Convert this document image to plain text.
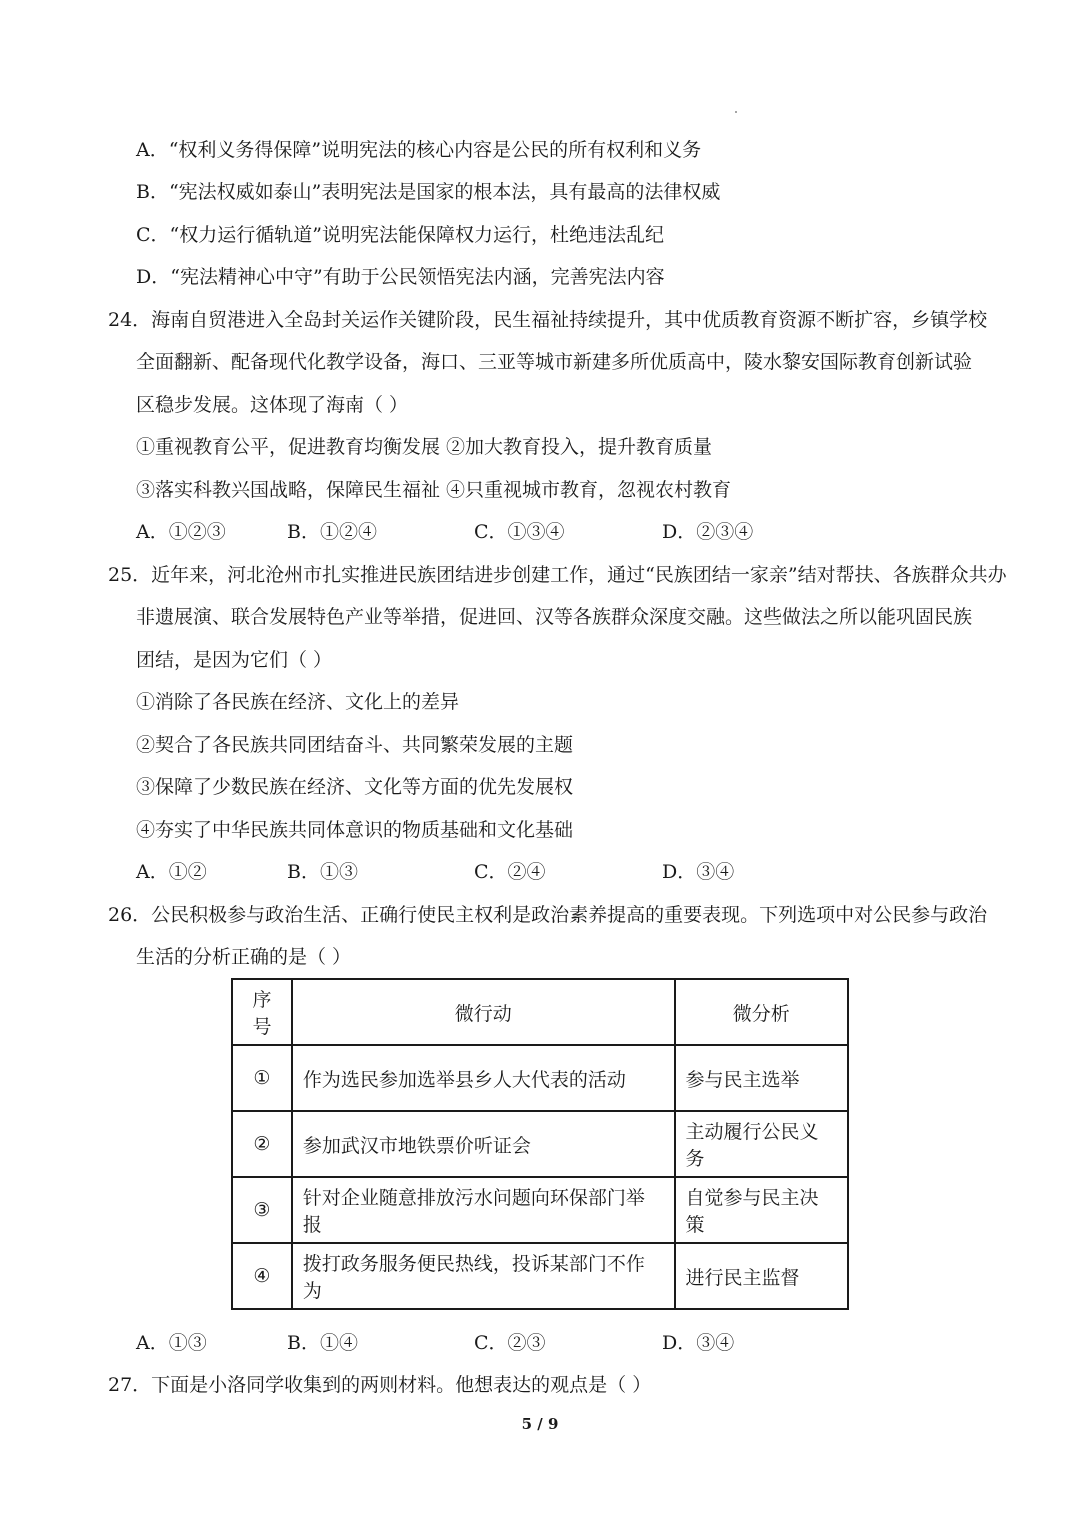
A．“权利义务得保障”说明宪法的核心内容是公民的所有权利和义务
B．“宪法权威如泰山”表明宪法是国家的根本法，具有最高的法律权威
C．“权力运行循轨道”说明宪法能保障权力运行，杜绝违法乱纪
D．“宪法精神心中守”有助于公民领悟宪法内涵，完善宪法内容
24．海南自贸港进入全岛封关运作关键阶段，民生福祉持续提升，其中优质教育资源不断扩容，乡镇学校
全面翻新、配备现代化教学设备，海口、三亚等城市新建多所优质高中，陵水黎安国际教育创新试验
区稳步发展。这体现了海南（ ）
①重视教育公平，促进教育均衡发展 ②加大教育投入，提升教育质量
③落实科教兴国战略，保障民生福祉 ④只重视城市教育，忽视农村教育
A．①②③	B．①②④	C．①③④	D．②③④
25．近年来，河北沧州市扎实推进民族团结进步创建工作，通过“民族团结一家亲”结对帮扶、各族群众共办
非遗展演、联合发展特色产业等举措，促进回、汉等各族群众深度交融。这些做法之所以能巩固民族
团结，是因为它们（ ）
①消除了各民族在经济、文化上的差异
②契合了各民族共同团结奋斗、共同繁荣发展的主题
③保障了少数民族在经济、文化等方面的优先发展权
④夯实了中华民族共同体意识的物质基础和文化基础
A．①②	B．①③	C．②④	D．③④
26．公民积极参与政治生活、正确行使民主权利是政治素养提高的重要表现。下列选项中对公民参与政治
生活的分析正确的是（ ）
序号	微行动	微分析
①	作为选民参加选举县乡人大代表的活动	参与民主选举
②	参加武汉市地铁票价听证会	主动履行公民义务
③	针对企业随意排放污水问题向环保部门举报	自觉参与民主决策
④	拨打政务服务便民热线，投诉某部门不作为	进行民主监督
A．①③	B．①④	C．②③	D．③④
27．下面是小洛同学收集到的两则材料。他想表达的观点是（ ）
5 / 9
